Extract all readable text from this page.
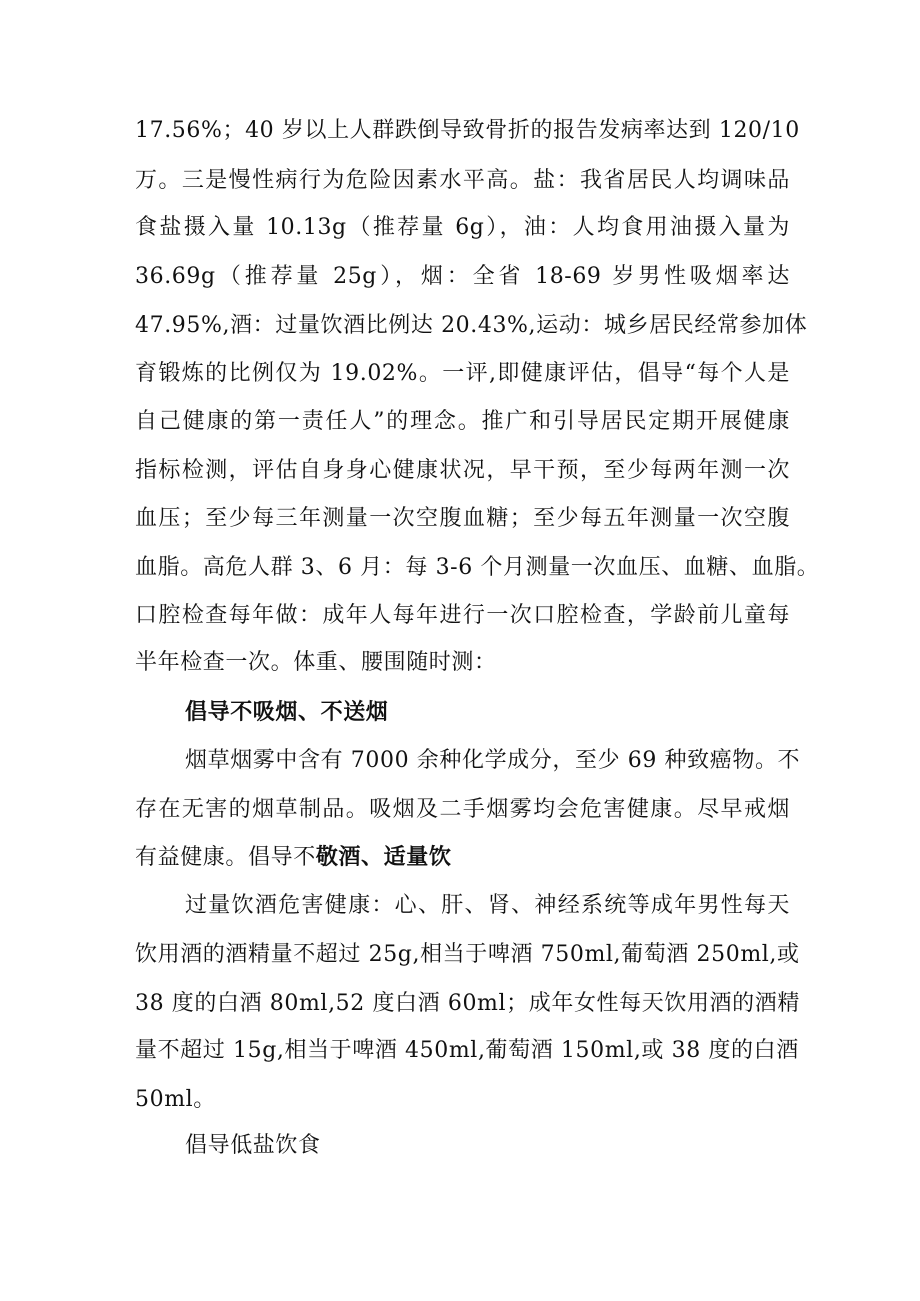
17.56%；40 岁以上人群跌倒导致骨折的报告发病率达到 120/10
万。三是慢性病行为危险因素水平高。盐：我省居民人均调味品
食盐摄入量 10.13g（推荐量 6g），油：人均食用油摄入量为
36.69g（推荐量 25g），烟：全省 18-69 岁男性吸烟率达
47.95%,酒：过量饮酒比例达 20.43%,运动：城乡居民经常参加体
育锻炼的比例仅为 19.02%。一评,即健康评估，倡导“每个人是
自己健康的第一责任人”的理念。推广和引导居民定期开展健康
指标检测，评估自身身心健康状况，早干预，至少每两年测一次
血压；至少每三年测量一次空腹血糖；至少每五年测量一次空腹
血脂。高危人群 3、6 月：每 3-6 个月测量一次血压、血糖、血脂。
口腔检查每年做：成年人每年进行一次口腔检查，学龄前儿童每
半年检查一次。体重、腰围随时测：
倡导不吸烟、不送烟
烟草烟雾中含有 7000 余种化学成分，至少 69 种致癌物。不
存在无害的烟草制品。吸烟及二手烟雾均会危害健康。尽早戒烟
有益健康。倡导不敬酒、适量饮
过量饮酒危害健康：心、肝、肾、神经系统等成年男性每天
饮用酒的酒精量不超过 25g,相当于啤酒 750ml,葡萄酒 250ml,或
38 度的白酒 80ml,52 度白酒 60ml；成年女性每天饮用酒的酒精
量不超过 15g,相当于啤酒 450ml,葡萄酒 150ml,或 38 度的白酒
50ml。
倡导低盐饮食
